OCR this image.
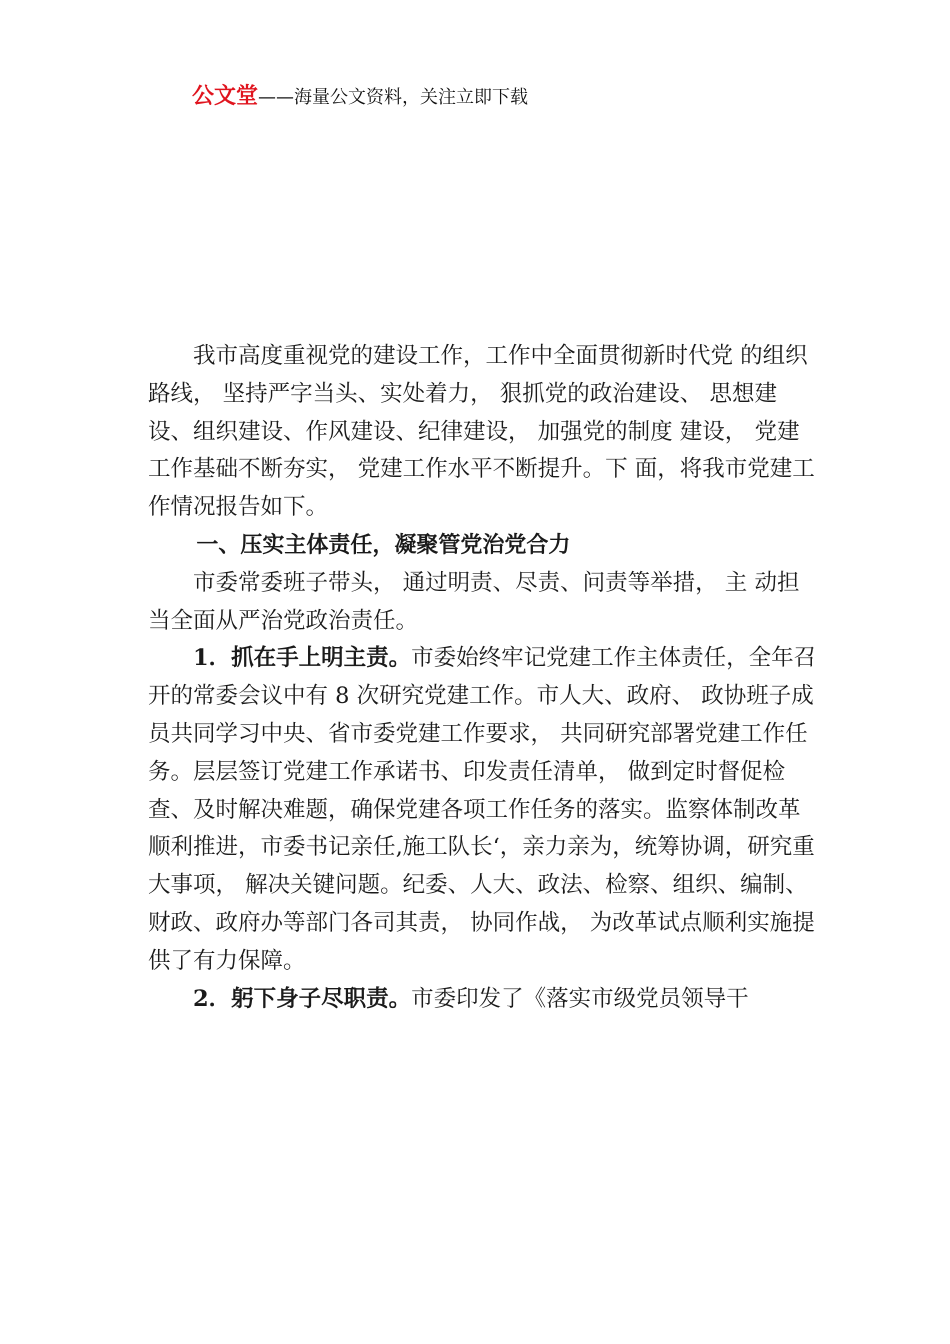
公文堂——海量公文资料，关注立即下载

我市高度重视党的建设工作，工作中全面贯彻新时代党 的组织路线， 坚持严字当头、实处着力， 狠抓党的政治建设、 思想建设、组织建设、作风建设、纪律建设， 加强党的制度 建设， 党建工作基础不断夯实， 党建工作水平不断提升。下 面，将我市党建工作情况报告如下。

一、压实主体责任，凝聚管党治党合力

市委常委班子带头， 通过明责、尽责、问责等举措， 主 动担当全面从严治党政治责任。

1．抓在手上明主责。市委始终牢记党建工作主体责任，全年召开的常委会议中有 8 次研究党建工作。市人大、政府、 政协班子成员共同学习中央、省市委党建工作要求， 共同研究部署党建工作任务。层层签订党建工作承诺书、印发责任清单， 做到定时督促检查、及时解决难题，确保党建各项工作任务的落实。监察体制改革顺利推进，市委书记亲任‚施工队长‘，亲力亲为，统筹协调，研究重大事项， 解决关键问题。纪委、人大、政法、检察、组织、编制、财政、政府办等部门各司其责， 协同作战， 为改革试点顺利实施提供了有力保障。

2．躬下身子尽职责。市委印发了《落实市级党员领导干
